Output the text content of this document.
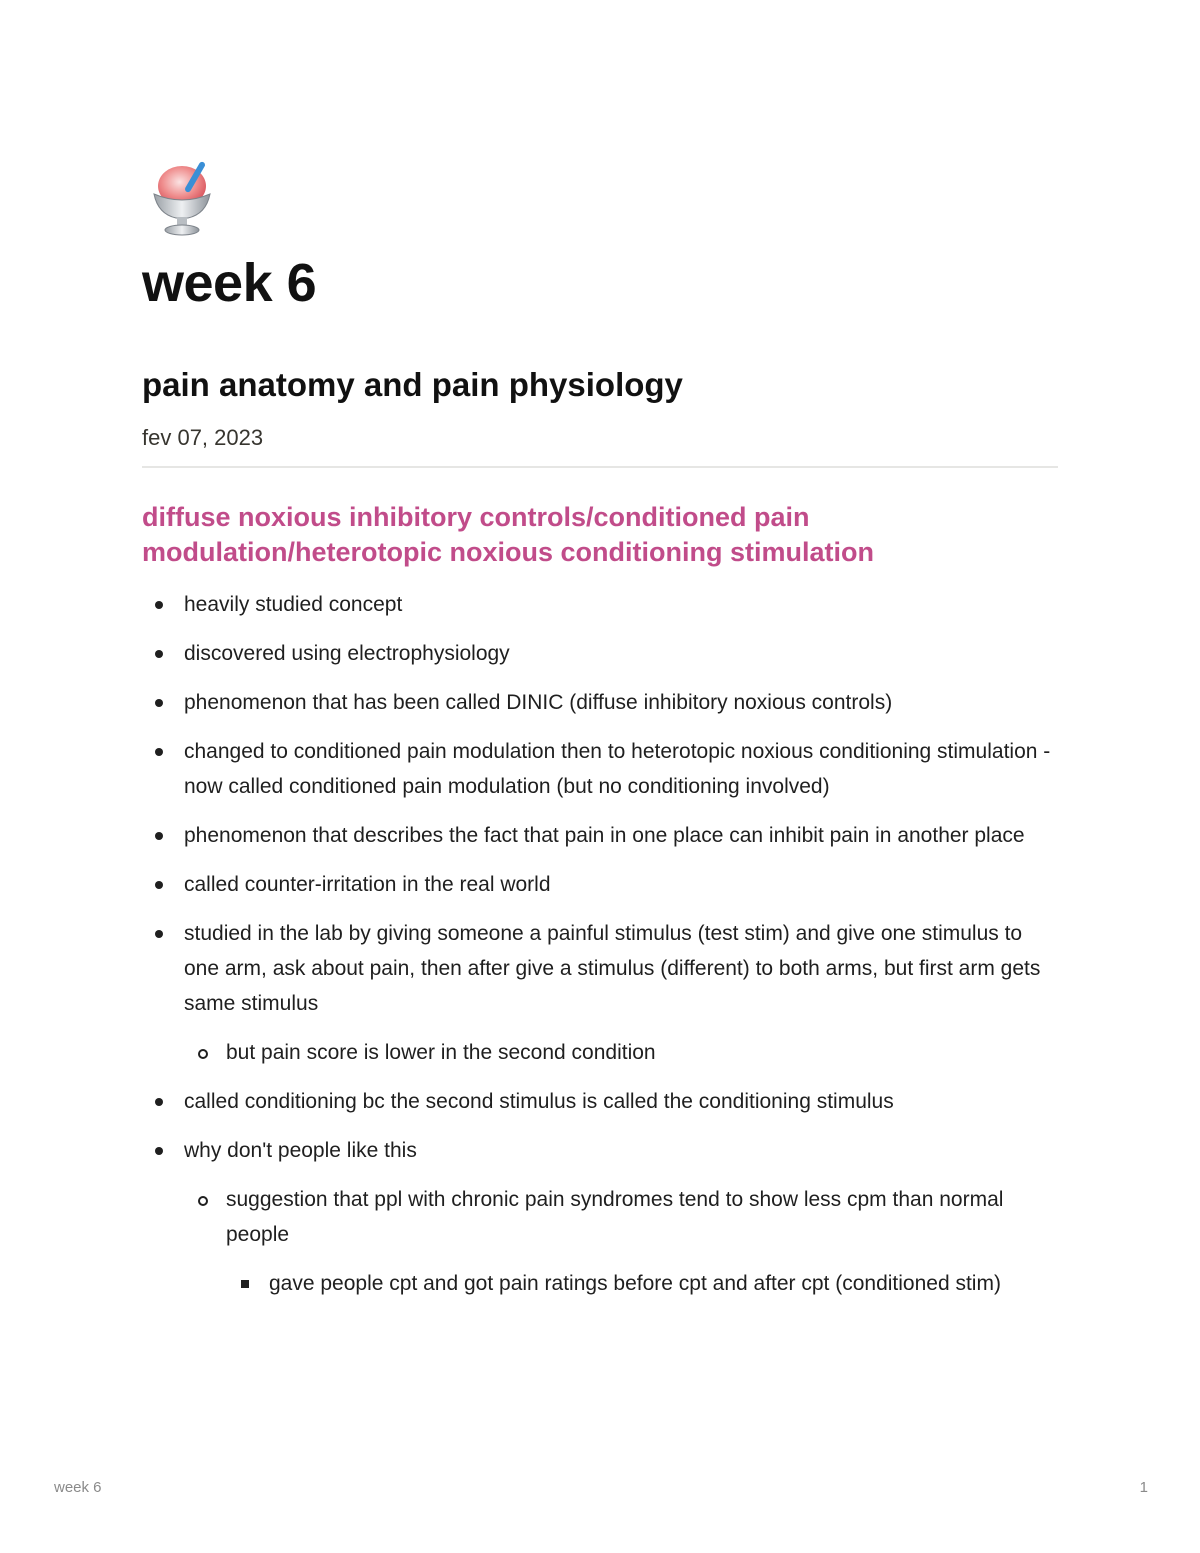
week 6
pain anatomy and pain physiology
fev 07, 2023
diffuse noxious inhibitory controls/conditioned pain modulation/heterotopic noxious conditioning stimulation
heavily studied concept
discovered using electrophysiology
phenomenon that has been called DINIC (diffuse inhibitory noxious controls)
changed to conditioned pain modulation then to heterotopic noxious conditioning stimulation - now called conditioned pain modulation (but no conditioning involved)
phenomenon that describes the fact that pain in one place can inhibit pain in another place
called counter-irritation in the real world
studied in the lab by giving someone a painful stimulus (test stim) and give one stimulus to one arm, ask about pain, then after give a stimulus (different) to both arms, but first arm gets same stimulus
but pain score is lower in the second condition
called conditioning bc the second stimulus is called the conditioning stimulus
why don't people like this
suggestion that ppl with chronic pain syndromes tend to show less cpm than normal people
gave people cpt and got pain ratings before cpt and after cpt (conditioned stim)
week 6	1
